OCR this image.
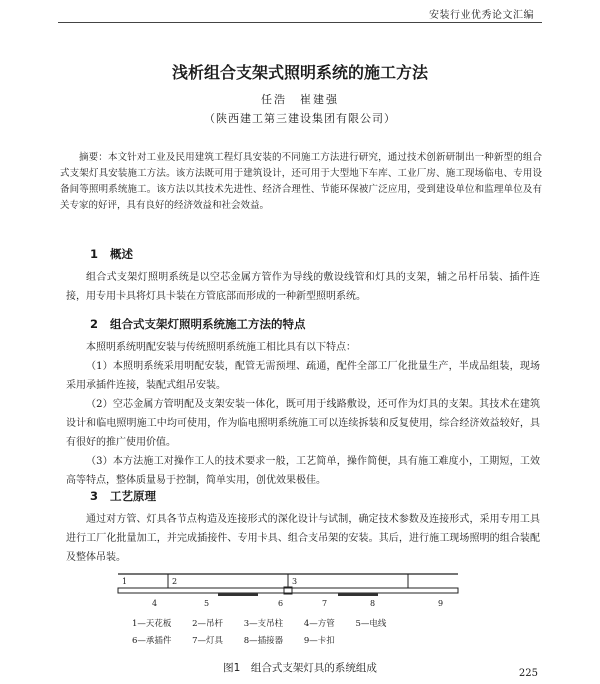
安装行业优秀论文汇编
浅析组合支架式照明系统的施工方法
任浩　崔建强
（陕西建工第三建设集团有限公司）

摘要：本文针对工业及民用建筑工程灯具安装的不同施工方法进行研究，通过技术创新研制出一种新型的组合式支架灯具安装施工方法。该方法既可用于建筑设计，还可用于大型地下车库、工业厂房、施工现场临电、专用设备间等照明系统施工。该方法以其技术先进性、经济合理性、节能环保被广泛应用，受到建设单位和监理单位及有关专家的好评，具有良好的经济效益和社会效益。

1 概述

组合式支架灯照明系统是以空芯金属方管作为导线的敷设线管和灯具的支架，辅之吊杆吊装、插件连接，用专用卡具将灯具卡装在方管底部而形成的一种新型照明系统。

2 组合式支架灯照明系统施工方法的特点

本照明系统明配安装与传统照明系统施工相比具有以下特点：

（1）本照明系统采用明配安装，配管无需预埋、疏通，配件全部工厂化批量生产，半成品组装，现场采用承插件连接，装配式组吊安装。

（2）空芯金属方管明配及支架安装一体化，既可用于线路敷设，还可作为灯具的支架。其技术在建筑设计和临电照明施工中均可使用，作为临电照明系统施工可以连续拆装和反复使用，综合经济效益较好，具有很好的推广使用价值。

（3）本方法施工对操作工人的技术要求一般，工艺简单，操作简便，具有施工难度小，工期短，工效高等特点，整体质量易于控制，简单实用，创优效果极佳。

3 工艺原理

通过对方管、灯具各节点构造及连接形式的深化设计与试制，确定技术参数及连接形式，采用专用工具进行工厂化批量加工，并完成插接件、专用卡具、组合支吊架的安装。其后，进行施工现场照明的组合装配及整体吊装。

4	5	6	7	8	9
1	2	3
1—天花板 2—吊杆 3—支吊柱 4—方管 5—电线
6—承插件 7—灯具 8—插接器 9—卡扣
图1　组合式支架灯具的系统组成	225
